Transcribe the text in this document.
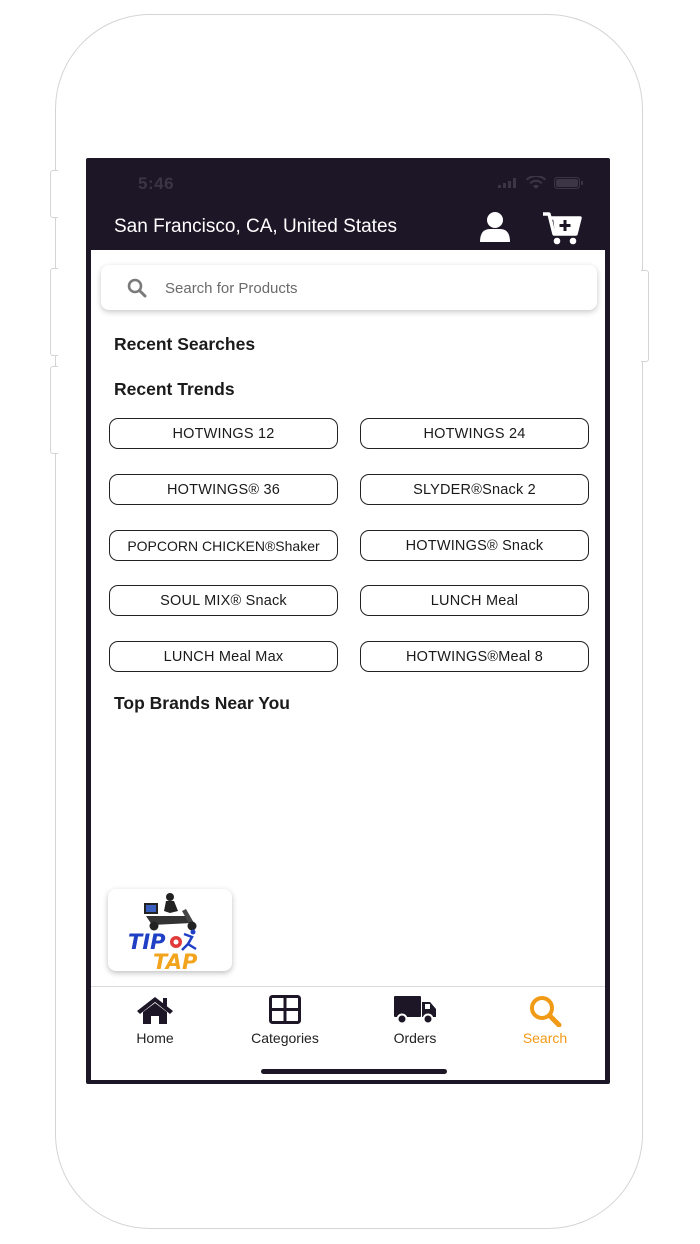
5:46
San Francisco, CA, United States
Search for Products
Recent Searches
Recent Trends
HOTWINGS 12	HOTWINGS 24
HOTWINGS® 36	SLYDER®Snack 2
POPCORN CHICKEN®Shaker	HOTWINGS® Snack
SOUL MIX® Snack	LUNCH Meal
LUNCH Meal Max	HOTWINGS®Meal 8
Top Brands Near You
TIP
TAP
Home	Categories	Orders	Search
